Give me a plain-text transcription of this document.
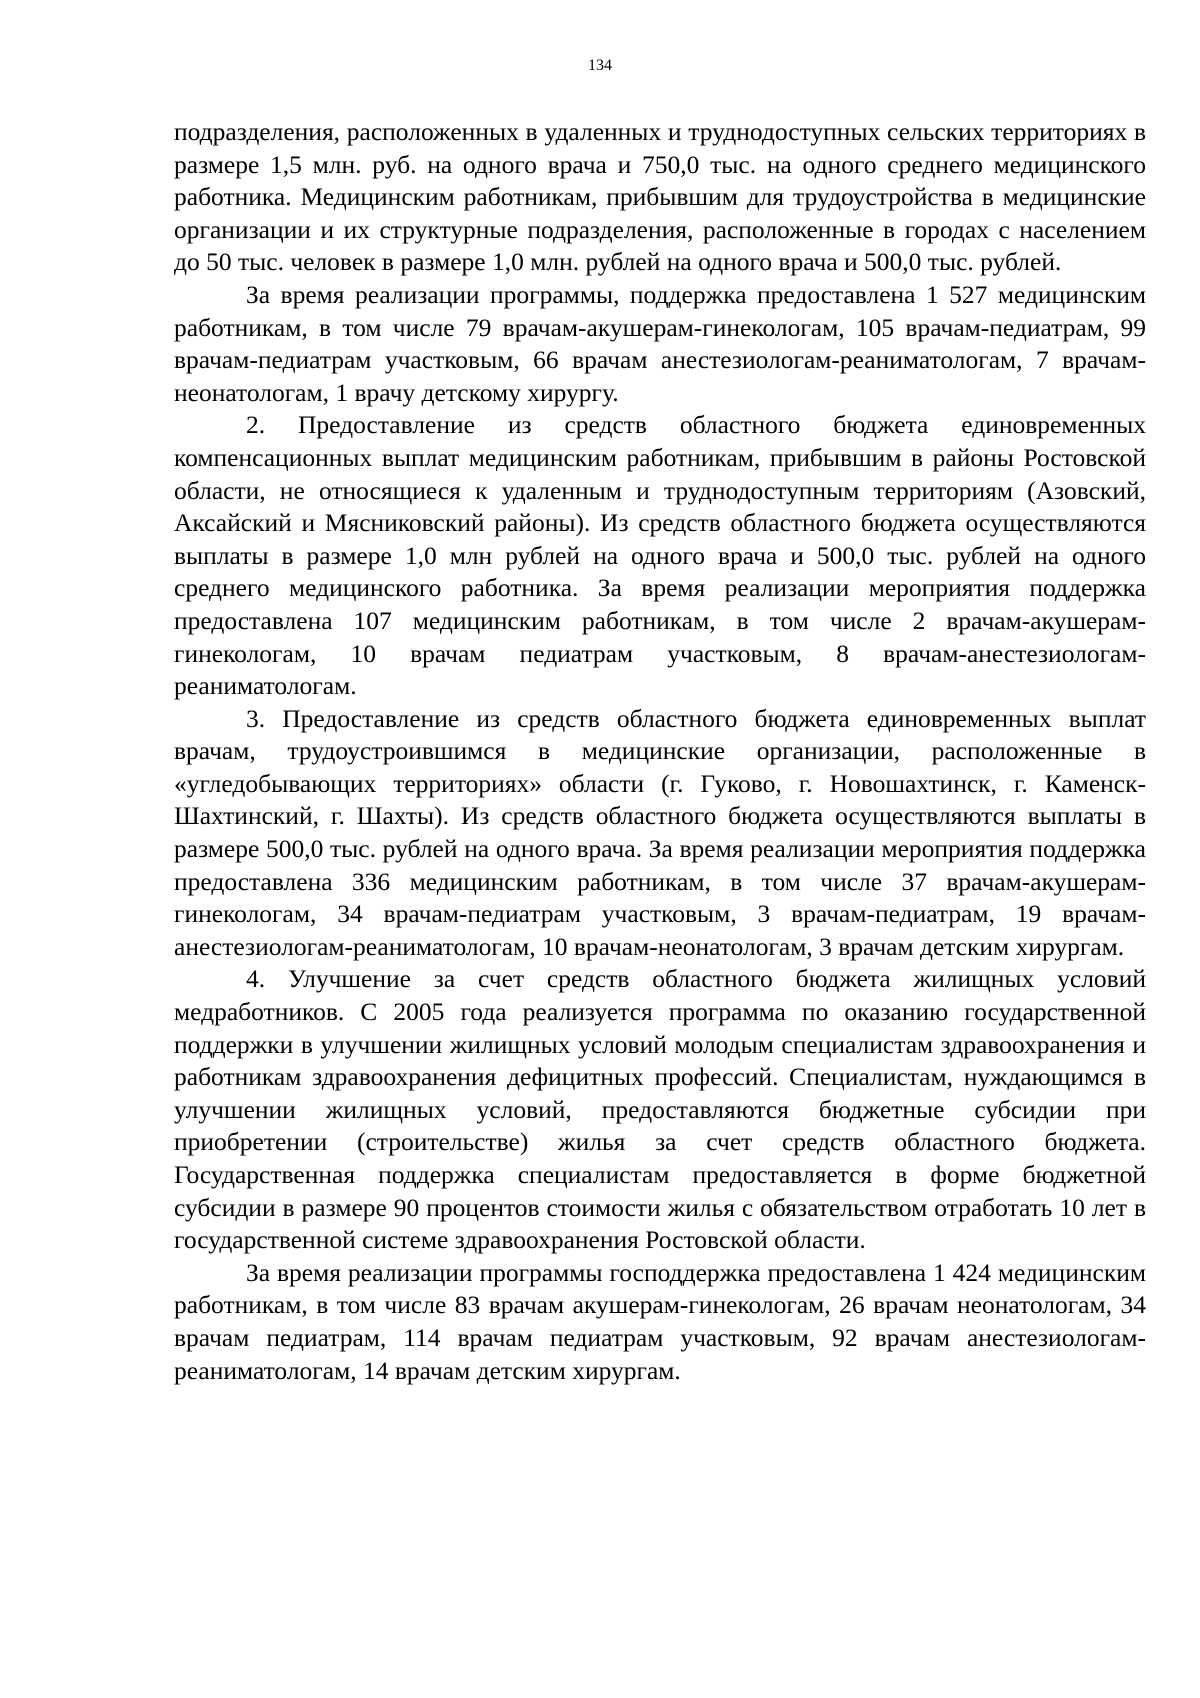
134

подразделения, расположенных в удаленных и труднодоступных сельских территориях в размере 1,5 млн. руб. на одного врача и 750,0 тыс. на одного среднего медицинского работника. Медицинским работникам, прибывшим для трудоустройства в медицинские организации и их структурные подразделения, расположенные в городах с населением до 50 тыс. человек в размере 1,0 млн. рублей на одного врача и 500,0 тыс. рублей.

За время реализации программы, поддержка предоставлена 1 527 медицинским работникам, в том числе 79 врачам-акушерам-гинекологам, 105 врачам-педиатрам, 99 врачам-педиатрам участковым, 66 врачам анестезиологам-реаниматологам, 7 врачам-неонатологам, 1 врачу детскому хирургу.

2. Предоставление из средств областного бюджета единовременных компенсационных выплат медицинским работникам, прибывшим в районы Ростовской области, не относящиеся к удаленным и труднодоступным территориям (Азовский, Аксайский и Мясниковский районы). Из средств областного бюджета осуществляются выплаты в размере 1,0 млн рублей на одного врача и 500,0 тыс. рублей на одного среднего медицинского работника. За время реализации мероприятия поддержка предоставлена 107 медицинским работникам, в том числе 2 врачам-акушерам-гинекологам, 10 врачам педиатрам участковым, 8 врачам-анестезиологам-реаниматологам.

3. Предоставление из средств областного бюджета единовременных выплат врачам, трудоустроившимся в медицинские организации, расположенные в «угледобывающих территориях» области (г. Гуково, г. Новошахтинск, г. Каменск-Шахтинский, г. Шахты). Из средств областного бюджета осуществляются выплаты в размере 500,0 тыс. рублей на одного врача. За время реализации мероприятия поддержка предоставлена 336 медицинским работникам, в том числе 37 врачам-акушерам-гинекологам, 34 врачам-педиатрам участковым, 3 врачам-педиатрам, 19 врачам-анестезиологам-реаниматологам, 10 врачам-неонатологам, 3 врачам детским хирургам.

4. Улучшение за счет средств областного бюджета жилищных условий медработников. С 2005 года реализуется программа по оказанию государственной поддержки в улучшении жилищных условий молодым специалистам здравоохранения и работникам здравоохранения дефицитных профессий. Специалистам, нуждающимся в улучшении жилищных условий, предоставляются бюджетные субсидии при приобретении (строительстве) жилья за счет средств областного бюджета. Государственная поддержка специалистам предоставляется в форме бюджетной субсидии в размере 90 процентов стоимости жилья с обязательством отработать 10 лет в государственной системе здравоохранения Ростовской области.

За время реализации программы господдержка предоставлена 1 424 медицинским работникам, в том числе 83 врачам акушерам-гинекологам, 26 врачам неонатологам, 34 врачам педиатрам, 114 врачам педиатрам участковым, 92 врачам анестезиологам-реаниматологам, 14 врачам детским хирургам.
